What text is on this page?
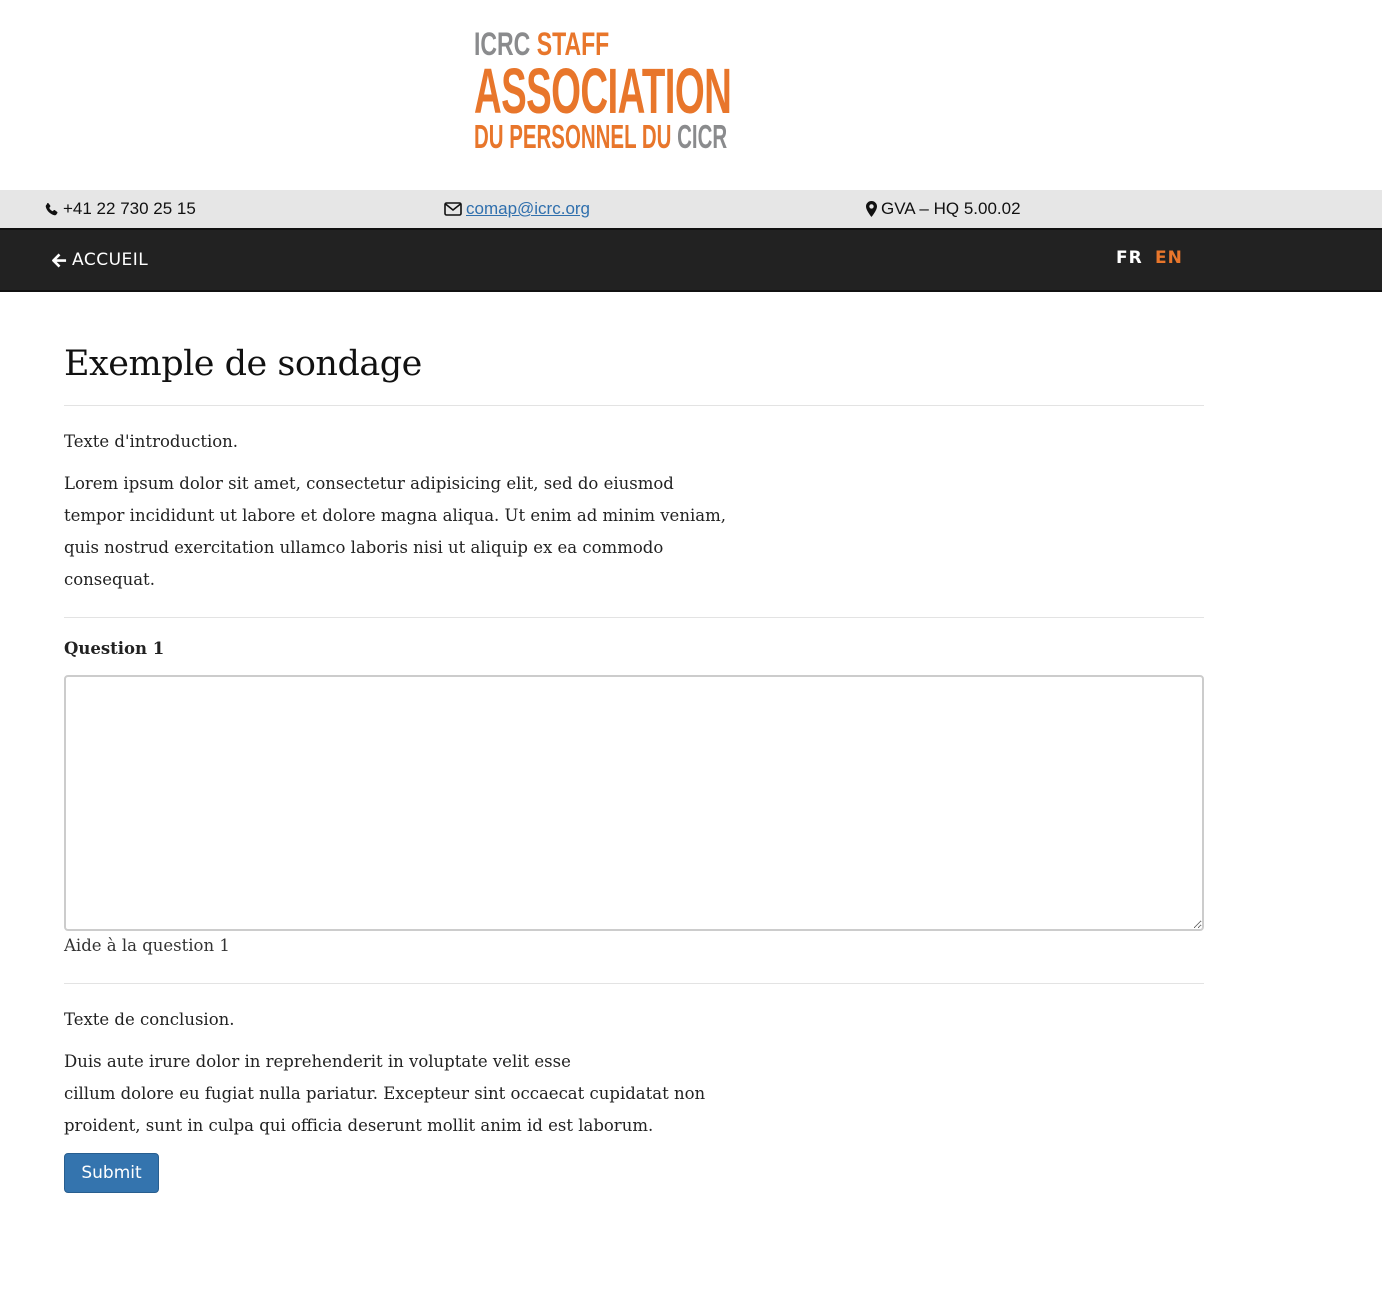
ICRC STAFF
ASSOCIATION
DU PERSONNEL DU CICR
+41 22 730 25 15	comap@icrc.org	GVA – HQ 5.00.02
ACCUEIL	FR EN
Exemple de sondage

Texte d'introduction.

Lorem ipsum dolor sit amet, consectetur adipisicing elit, sed do eiusmod
tempor incididunt ut labore et dolore magna aliqua. Ut enim ad minim veniam,
quis nostrud exercitation ullamco laboris nisi ut aliquip ex ea commodo
consequat.
Question 1
Aide à la question 1

Texte de conclusion.

Duis aute irure dolor in reprehenderit in voluptate velit esse
cillum dolore eu fugiat nulla pariatur. Excepteur sint occaecat cupidatat non
proident, sunt in culpa qui officia deserunt mollit anim id est laborum.
Submit
